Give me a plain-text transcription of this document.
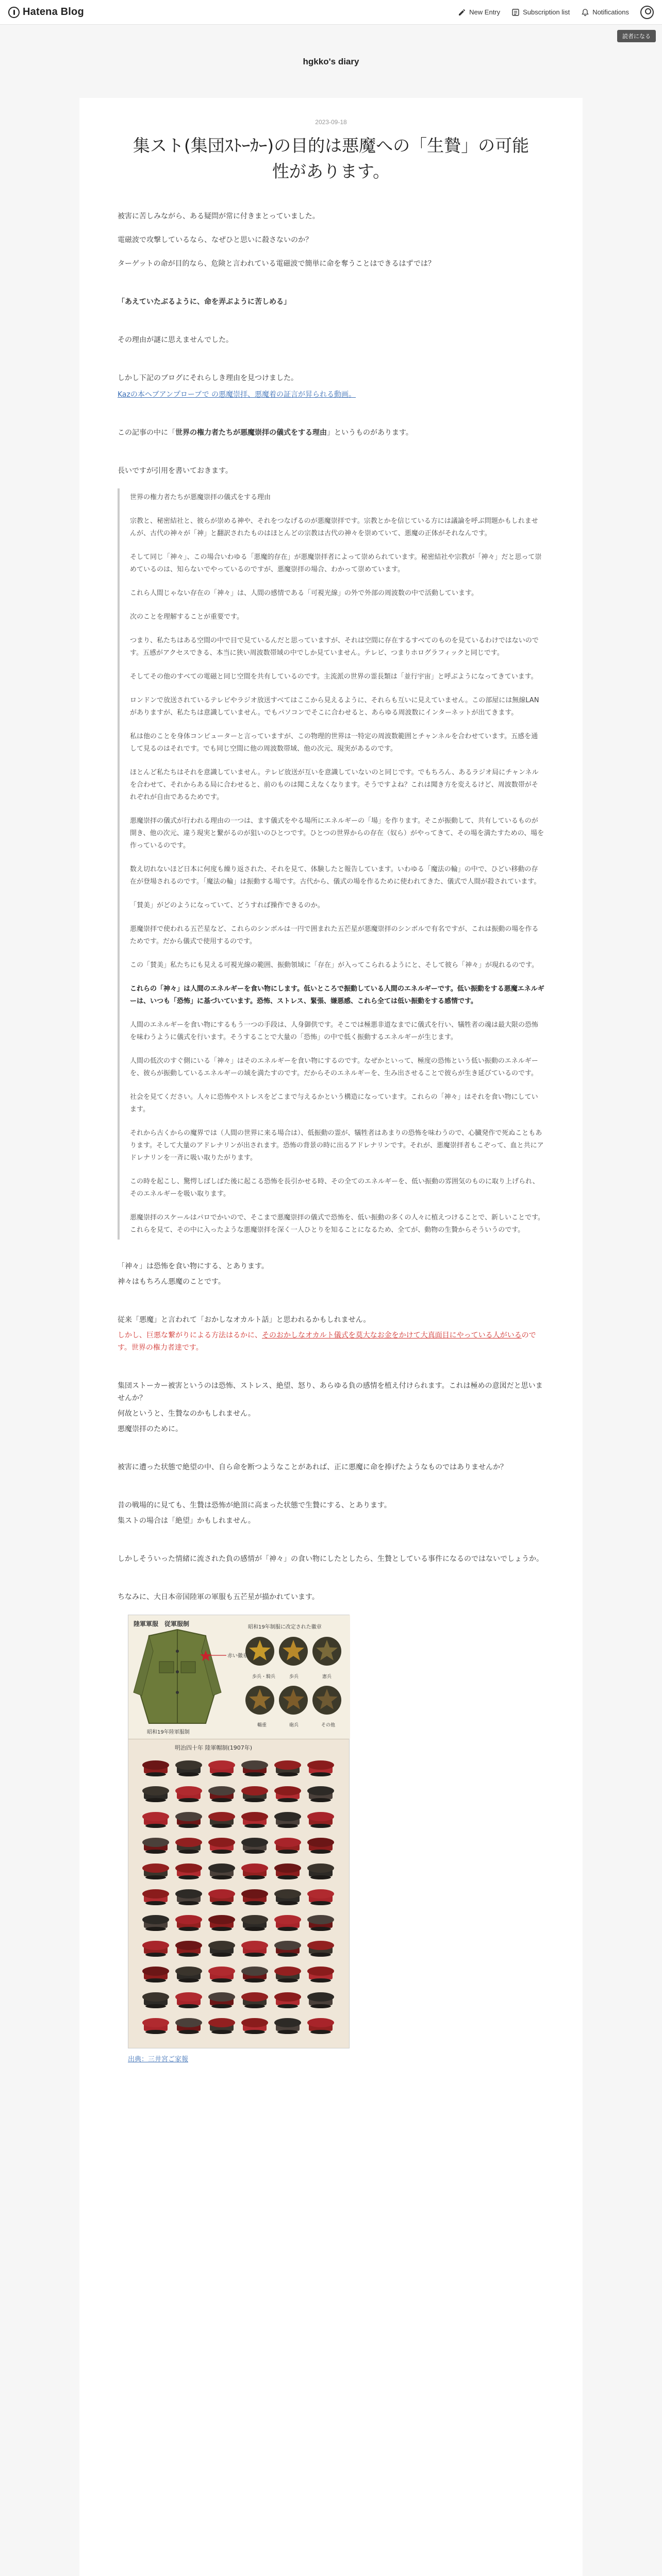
Hatena Blog	New Entry	Subscription list	Notifications
読者になる
hgkko's diary
2023-09-18
集スト(集団ｽﾄｰｶｰ)の目的は悪魔への「生贄」の可能性があります。
被害に苦しみながら、ある疑問が常に付きまとっていました。
電磁波で攻撃しているなら、なぜひと思いに殺さないのか？
ターゲットの命が目的なら、危険と言われている電磁波で簡単に命を奪うことはできるはずでは？
「あえていたぶるように、命を弄ぶように苦しめる」
その理由が謎に思えませんでした。
しかし下記のブログにそれらしき理由を見つけました。
Kazの本ヘブアンプローブで の悪魔崇拝、悪魔着の証言が昇られる動画。
この記事の中に「世界の権力者たちが悪魔崇拝の儀式をする理由」というものがあります。
長いですが引用を書いておきます。
世界の権力者たちが悪魔崇拝の儀式をする理由
宗教と、秘密結社と、彼らが崇める神や、それをつなげるのが悪魔崇拝です。宗教とかを信じている方には議論を呼ぶ問題かもしれませんが、古代の神々が「神」と翻訳されたものはほとんどの宗教は古代の神々を崇めていて、悪魔の正体がそれなんです。
そして同じ「神々」、この場合いわゆる「悪魔的存在」が悪魔崇拝者によって崇められています。秘密結社や宗教が「神々」だと思って崇めているのは、知らないでやっているのですが、悪魔崇拝の場合、わかって崇めています。
これら人間じゃない存在の「神々」は、人間の感情である「可視光線」の外で外部の周波数の中で活動しています。
次のことを理解することが重要です。
つまり、私たちはある空間の中で目で見ているんだと思っていますが、それは空間に存在するすべてのものを見ているわけではないのです。五感がアクセスできる、本当に狭い周波数帯域の中でしか見ていません。テレビ、つまりホログラフィックと同じです。
そしてその他のすべての電磁と同じ空間を共有しているのです。主流派の世界の霊長類は「並行宇宙」と呼ぶようになってきています。
ロンドンで放送されているテレビやラジオ放送すべてはここから見えるように、それらも互いに見えていません。この部屋には無線LANがありますが、私たちは意識していません。でもパソコンでそこに合わせると、あらゆる周波数にインターネットが出てきます。
私は他のことを身体コンピューターと言っていますが、この物理的世界は一特定の周波数範囲とチャンネルを合わせています。五感を通して見るのはそれです。でも同じ空間に他の周波数帯域、他の次元、現実があるのです。
ほとんど私たちはそれを意識していません。テレビ放送が互いを意識していないのと同じです。でもちろん、あるラジオ局にチャンネルを合わせて、それからある局に合わせると、前のものは聞こえなくなります。そうですよね？これは聞き方を変えるけど、周波数帯がそれぞれが自由であるためです。
悪魔崇拝の儀式が行われる理由の一つは、ます儀式をやる場所にエネルギーの「場」を作ります。そこが振動して、共有しているものが開き、他の次元、違う現実と繋がるのが狙いのひとつです。ひとつの世界からの存在（奴ら）がやってきて、その場を満たすための、場を作っているのです。
数え切れないほど日本に何度も繰り返された、それを見て、体験したと報告しています。いわゆる「魔法の輪」の中で、ひどい移動の存在が登場されるのです。「魔法の輪」は振動する場です。古代から、儀式の場を作るために使われてきた、儀式で人間が殺されています。
「賛美」がどのようになっていて、どうすれば操作できるのか。
悪魔崇拝で使われる五芒星など、これらのシンボルは一円で囲まれた五芒星が悪魔崇拝のシンボルで有名ですが、これは振動の場を作るためです。だから儀式で使用するのです。
この「賛美」私たちにも見える可視光線の範囲、振動領域に「存在」が入ってこられるようにと、そして彼ら「神々」が現れるのです。
これらの「神々」は人間のエネルギーを食い物にします。低いところで振動している人間のエネルギーです。低い振動をする悪魔エネルギーは、いつも「恐怖」に基づいています。恐怖、ストレス、緊張、嫌悪感、これら全ては低い振動をする感情です。
人間のエネルギーを食い物にするもう一つの手段は、人身御供です。そこでは極悪非道なまでに儀式を行い、犠牲者の魂は最大限の恐怖を味わうように儀式を行います。そうすることで大量の「恐怖」の中で低く振動するエネルギーが生じます。
人間の低次のすぐ側にいる「神々」はそのエネルギーを食い物にするのです。なぜかといって、極度の恐怖という低い振動のエネルギーを、彼らが振動しているエネルギーの域を満たすのです。だからそのエネルギーを、生み出させることで彼らが生き延びているのです。
社会を見てください。人々に恐怖やストレスをどこまで与えるかという構造になっています。これらの「神々」はそれを食い物にしています。
それから古くからの魔界では（人間の世界に来る場合は）、低振動の霊が、犠牲者はあまりの恐怖を味わうので、心臓発作で死ぬこともあります。そして大量のアドレナリンが出されます。恐怖の背景の時に出るアドレナリンです。それが、悪魔崇拝者もこぞって、血と共にアドレナリンを一斉に吸い取りたがります。
この時を起こし、驚愕しばしばた後に起こる恐怖を長引かせる時、その全てのエネルギーを、低い振動の雰囲気のものに取り上げられ、そのエネルギーを吸い取ります。
悪魔崇拝のスケールはパロでかいので、そこまで悪魔崇拝の儀式で恐怖を、低い振動の多くの人々に植えつけることで、新しいことです。これらを見て、その中に入ったような悪魔崇拝を深く一人ひとりを知ることになるため、全てが、動物の生贄からそういうのです。
「神々」は恐怖を食い物にする、とあります。
神々はもちろん悪魔のことです。
従来「悪魔」と言われて「おかしなオカルト話」と思われるかもしれません。
しかし、巨悪な繋がりによる方法はるかに、そのおかしなオカルト儀式を莫大なお金をかけて大真面目にやっている人がいるのです。世界の権力者達です。
集団ストーカー被害というのは恐怖、ストレス、絶望、怒り、あらゆる負の感情を植え付けられます。これは極めの意図だと思いませんか？
何故というと、生贄なのかもしれません。
悪魔崇拝のために。
被害に遭った状態で絶望の中、自ら命を断つようなことがあれば、正に悪魔に命を捧げたようなものではありませんか？
昔の戦場的に見ても、生贄は恐怖が絶頂に高まった状態で生贄にする、とあります。
集ストの場合は「絶望」かもしれません。
しかしそういった情緒に流された負の感情が「神々」の食い物にしたとしたら、生贄としている事件になるのではないでしょうか。
ちなみに、大日本帝国陸軍の軍服も五芒星が描かれています。
陸軍軍服　従軍服制
赤い徽章
昭和19年陸軍服制
昭和19年制服に改定された徽章
歩兵・騎兵	歩兵	憲兵
輜重	砲兵	その他
明治四十年 陸軍帽制(1907年)
出典：三井宮ご家報
